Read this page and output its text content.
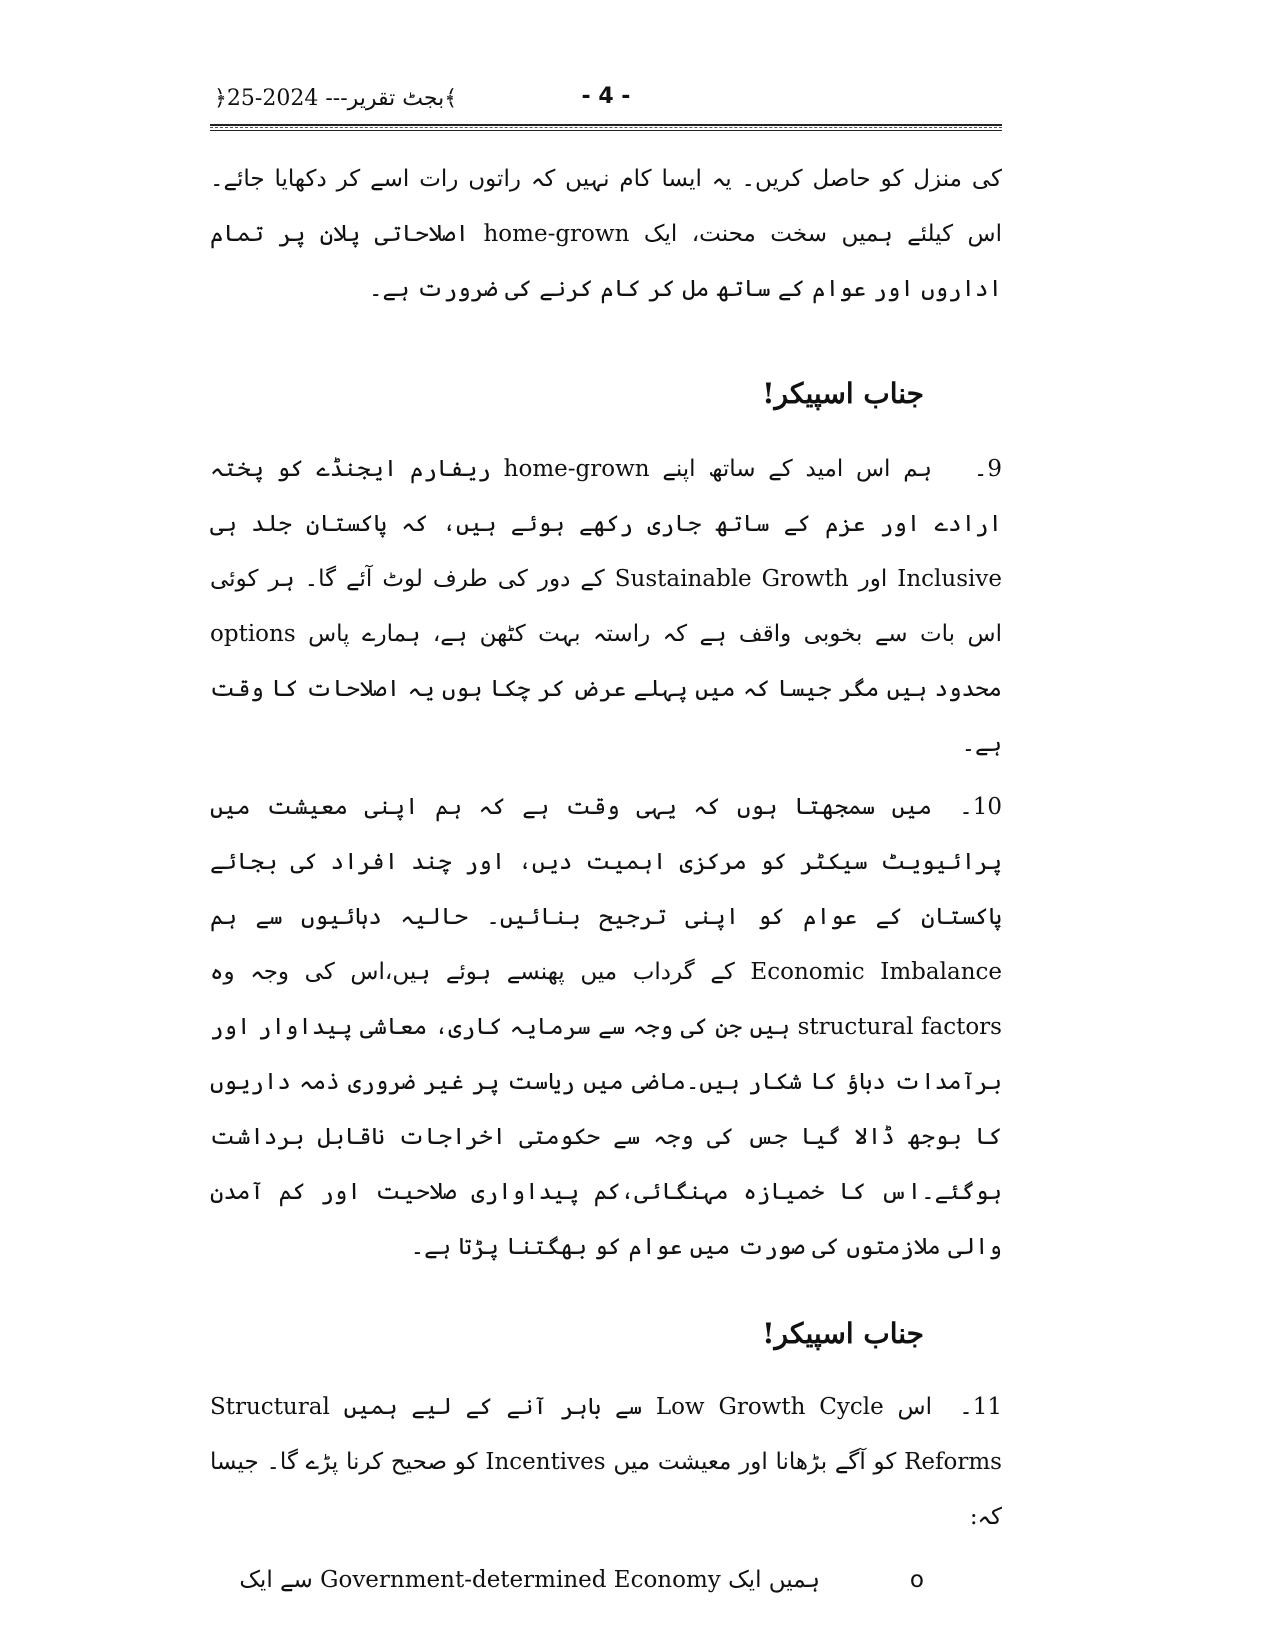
﴿بجٹ تقریر--- 2024-25﴾	- 4 -

کی منزل کو حاصل کریں۔ یہ ایسا کام نہیں کہ راتوں رات اسے کر دکھایا جائے۔ اس کیلئے ہمیں سخت محنت، ایک home-grown اصلاحاتی پلان پر تمام اداروں اور عوام کے ساتھ مل کر کام کرنے کی ضرورت ہے۔

جناب اسپیکر!

9۔ہم اس امید کے ساتھ اپنے home-grown ریفارم ایجنڈے کو پختہ ارادے اور عزم کے ساتھ جاری رکھے ہوئے ہیں، کہ پاکستان جلد ہی Inclusive اور Sustainable Growth کے دور کی طرف لوٹ آئے گا۔ ہر کوئی اس بات سے بخوبی واقف ہے کہ راستہ بہت کٹھن ہے، ہمارے پاس options محدود ہیں مگر جیسا کہ میں پہلے عرض کر چکا ہوں یہ اصلاحات کا وقت ہے۔

10۔میں سمجھتا ہوں کہ یہی وقت ہے کہ ہم اپنی معیشت میں پرائیویٹ سیکٹر کو مرکزی اہمیت دیں، اور چند افراد کی بجائے پاکستان کے عوام کو اپنی ترجیح بنائیں۔ حالیہ دہائیوں سے ہم Economic Imbalance کے گرداب میں پھنسے ہوئے ہیں،اس کی وجہ وہ structural factors ہیں جن کی وجہ سے سرمایہ کاری، معاشی پیداوار اور برآمدات دباؤ کا شکار ہیں۔ماضی میں ریاست پر غیر ضروری ذمہ داریوں کا بوجھ ڈالا گیا جس کی وجہ سے حکومتی اخراجات ناقابل برداشت ہوگئے۔اس کا خمیازہ مہنگائی،کم پیداواری صلاحیت اور کم آمدن والی ملازمتوں کی صورت میں عوام کو بھگتنا پڑتا ہے۔

جناب اسپیکر!

11۔اس Low Growth Cycle سے باہر آنے کے لیے ہمیں Structural Reforms کو آگے بڑھانا اور معیشت میں Incentives کو صحیح کرنا پڑے گا۔ جیسا کہ:

oہمیں ایک Government-determined Economy سے ایک
